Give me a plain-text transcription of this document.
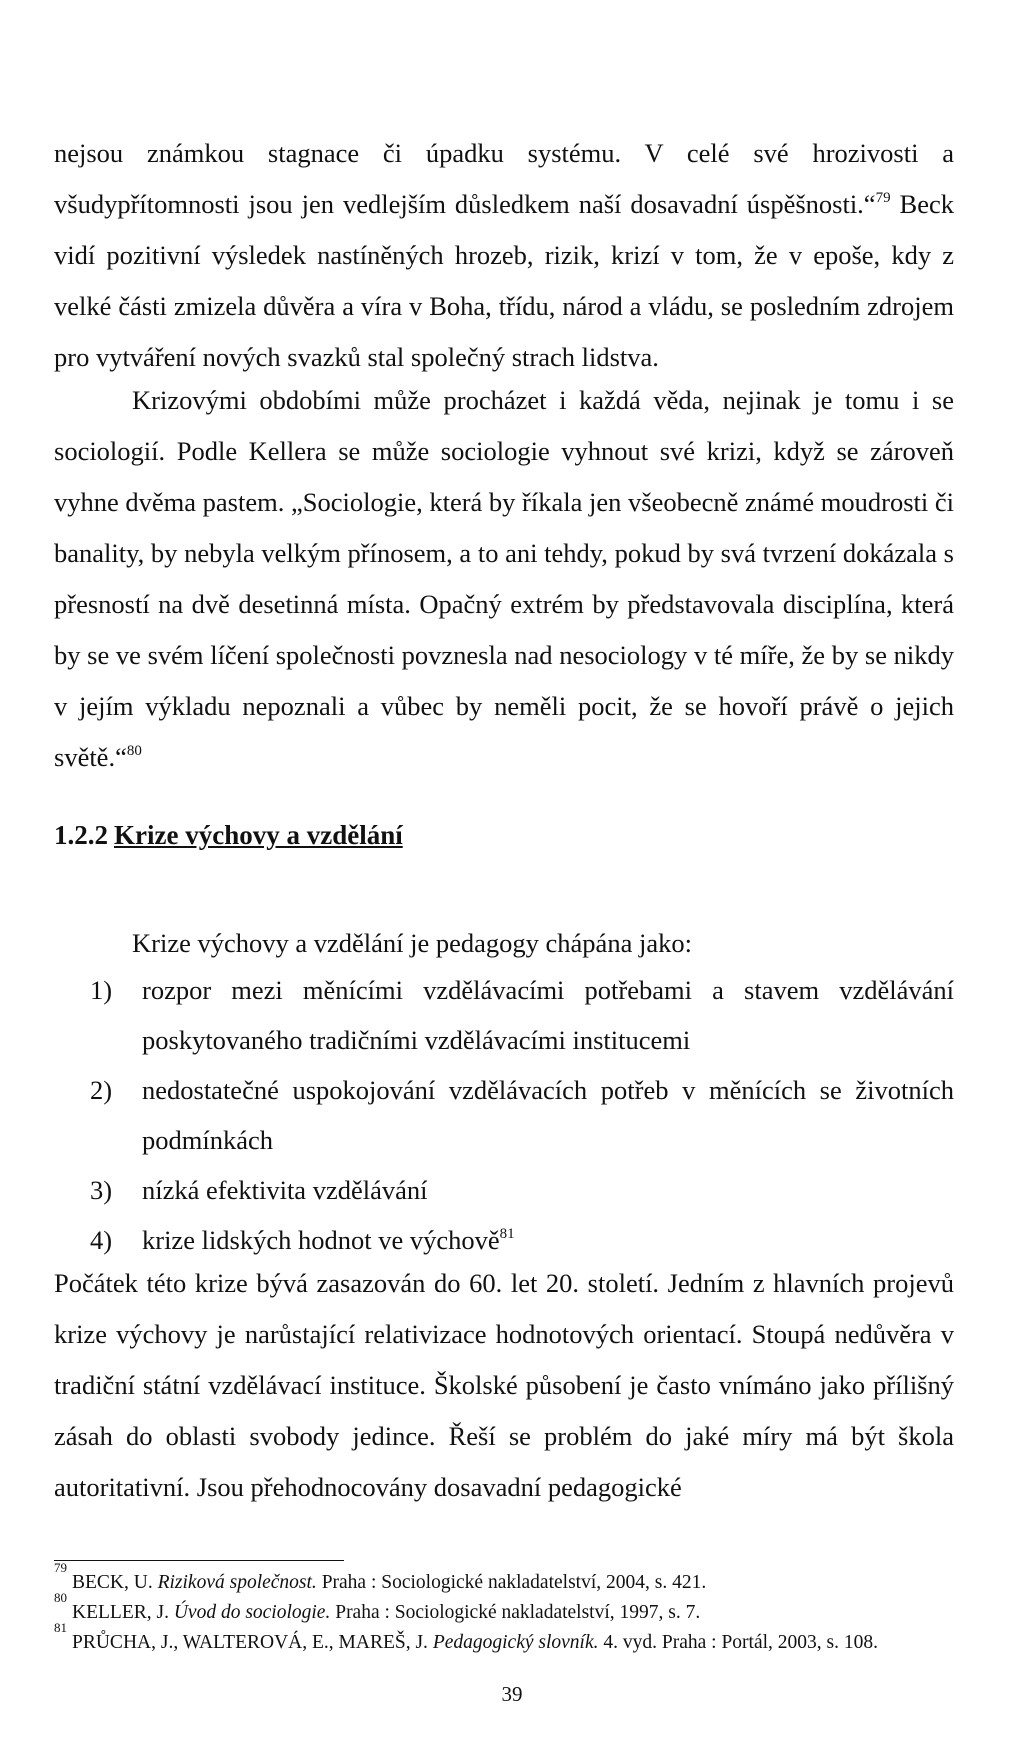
nejsou známkou stagnace či úpadku systému. V celé své hrozivosti a všudypřítomnosti jsou jen vedlejším důsledkem naší dosavadní úspěšnosti.“$^{79}$ Beck vidí pozitivní výsledek nastíněných hrozeb, rizik, krizí v tom, že v epoše, kdy z velké části zmizela důvěra a víra v Boha, třídu, národ a vládu, se posledním zdrojem pro vytváření nových svazků stal společný strach lidstva.

Krizovými obdobími může procházet i každá věda, nejinak je tomu i se sociologií. Podle Kellera se může sociologie vyhnout své krizi, když se zároveň vyhne dvěma pastem. „Sociologie, která by říkala jen všeobecně známé moudrosti či banality, by nebyla velkým přínosem, a to ani tehdy, pokud by svá tvrzení dokázala s přesností na dvě desetinná místa. Opačný extrém by představovala disciplína, která by se ve svém líčení společnosti povznesla nad nesociology v té míře, že by se nikdy v jejím výkladu nepoznali a vůbec by neměli pocit, že se hovoří právě o jejich světě.“$^{80}$

1.2.2 Krize výchovy a vzdělání

Krize výchovy a vzdělání je pedagogy chápána jako:

1) rozpor mezi měnícími vzdělávacími potřebami a stavem vzdělávání poskytovaného tradičními vzdělávacími institucemi
2) nedostatečné uspokojování vzdělávacích potřeb v měnících se životních podmínkách
3) nízká efektivita vzdělávání
4) krize lidských hodnot ve výchově$^{81}$

Počátek této krize bývá zasazován do 60. let 20. století. Jedním z hlavních projevů krize výchovy je narůstající relativizace hodnotových orientací. Stoupá nedůvěra v tradiční státní vzdělávací instituce. Školské působení je často vnímáno jako přílišný zásah do oblasti svobody jedince. Řeší se problém do jaké míry má být škola autoritativní. Jsou přehodnocovány dosavadní pedagogické

79
BECK, U. Riziková společnost. Praha : Sociologické nakladatelství, 2004, s. 421.
80
KELLER, J. Úvod do sociologie. Praha : Sociologické nakladatelství, 1997, s. 7.
81
PRŮCHA, J., WALTEROVÁ, E., MAREŠ, J. Pedagogický slovník. 4. vyd. Praha : Portál, 2003, s. 108.
39
